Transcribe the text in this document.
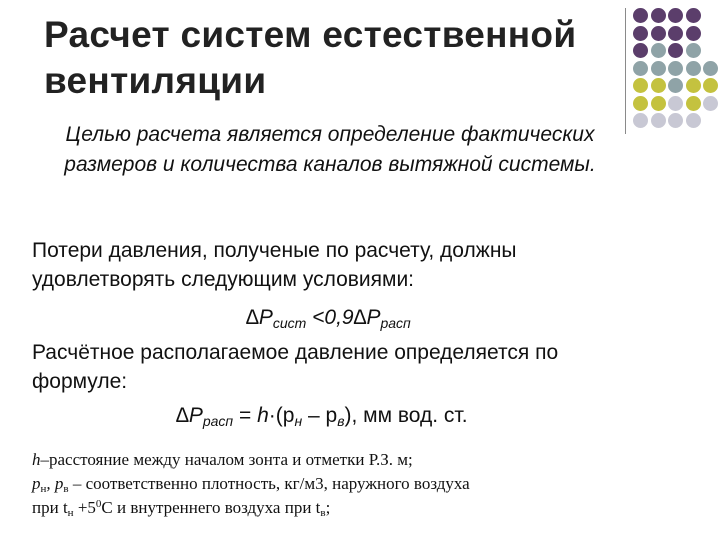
Расчет систем естественной вентиляции
Целью расчета является определение фактических размеров и количества каналов вытяжной системы.
Потери давления, полученые по расчету, должны удовлетворять следующим условиями:
$\Delta P_{сист} <0,9\Delta P_{расп}$
Расчётное располагаемое давление определяется по формуле:
$\Delta P_{расп} = h\cdot(p_н - p_в)$, мм вод. ст.
h–расстояние между началом зонта и отметки Р.З. м;
$р_н$, $р_в$ – соответственно плотность, кг/м3, наружного воздуха
при $t_н +5^0С$ и внутреннего воздуха при $t_в$;
